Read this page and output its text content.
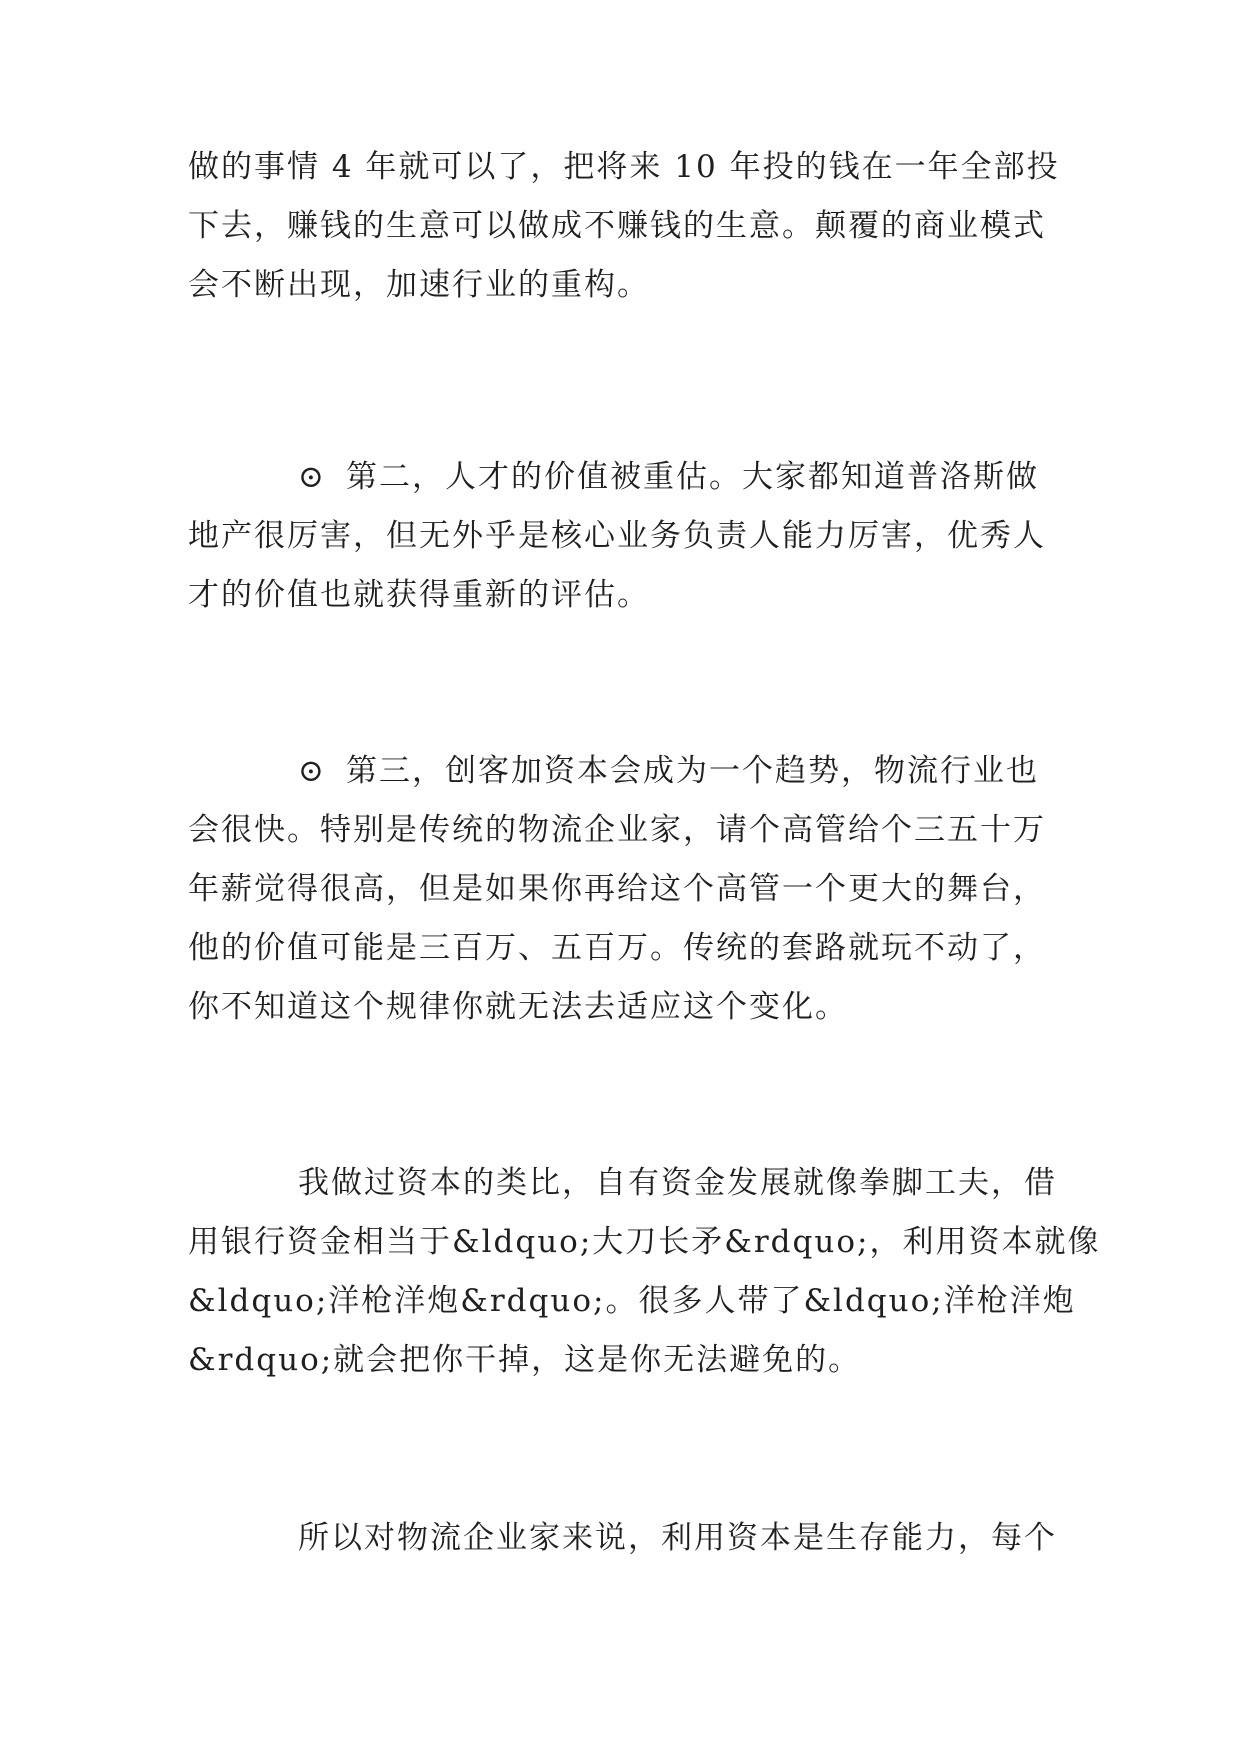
做的事情 4 年就可以了，把将来 10 年投的钱在一年全部投
下去，赚钱的生意可以做成不赚钱的生意。颠覆的商业模式
会不断出现，加速行业的重构。
⊙ 第二，人才的价值被重估。大家都知道普洛斯做
地产很厉害，但无外乎是核心业务负责人能力厉害，优秀人
才的价值也就获得重新的评估。
⊙ 第三，创客加资本会成为一个趋势，物流行业也
会很快。特别是传统的物流企业家，请个高管给个三五十万
年薪觉得很高，但是如果你再给这个高管一个更大的舞台，
他的价值可能是三百万、五百万。传统的套路就玩不动了，
你不知道这个规律你就无法去适应这个变化。
我做过资本的类比，自有资金发展就像拳脚工夫，借
用银行资金相当于&ldquo;大刀长矛&rdquo;，利用资本就像
&ldquo;洋枪洋炮&rdquo;。很多人带了&ldquo;洋枪洋炮
&rdquo;就会把你干掉，这是你无法避免的。
所以对物流企业家来说，利用资本是生存能力，每个
